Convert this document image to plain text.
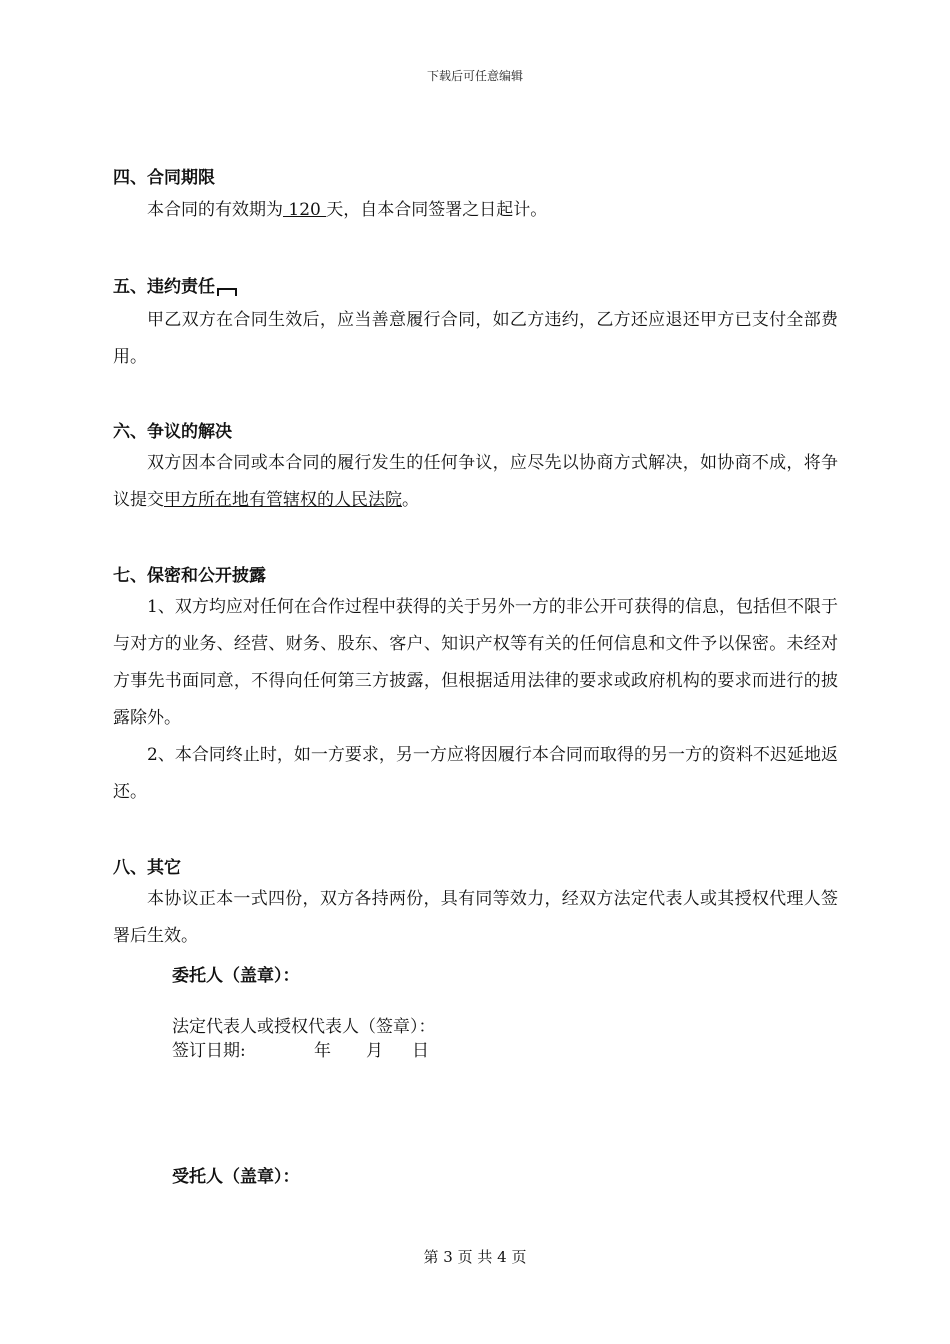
下载后可任意编辑
四、合同期限
本合同的有效期为 120 天，自本合同签署之日起计。
五、违约责任
甲乙双方在合同生效后，应当善意履行合同，如乙方违约，乙方还应退还甲方已支付全部费用。
六、争议的解决
双方因本合同或本合同的履行发生的任何争议，应尽先以协商方式解决，如协商不成，将争议提交甲方所在地有管辖权的人民法院。
七、保密和公开披露
1、双方均应对任何在合作过程中获得的关于另外一方的非公开可获得的信息，包括但不限于与对方的业务、经营、财务、股东、客户、知识产权等有关的任何信息和文件予以保密。未经对方事先书面同意，不得向任何第三方披露，但根据适用法律的要求或政府机构的要求而进行的披露除外。
2、本合同终止时，如一方要求，另一方应将因履行本合同而取得的另一方的资料不迟延地返还。
八、其它
本协议正本一式四份，双方各持两份，具有同等效力，经双方法定代表人或其授权代理人签署后生效。
委托人（盖章）：
法定代表人或授权代表人（签章）：
签订日期:	年 月 日
受托人（盖章）：
第 3 页 共 4 页
